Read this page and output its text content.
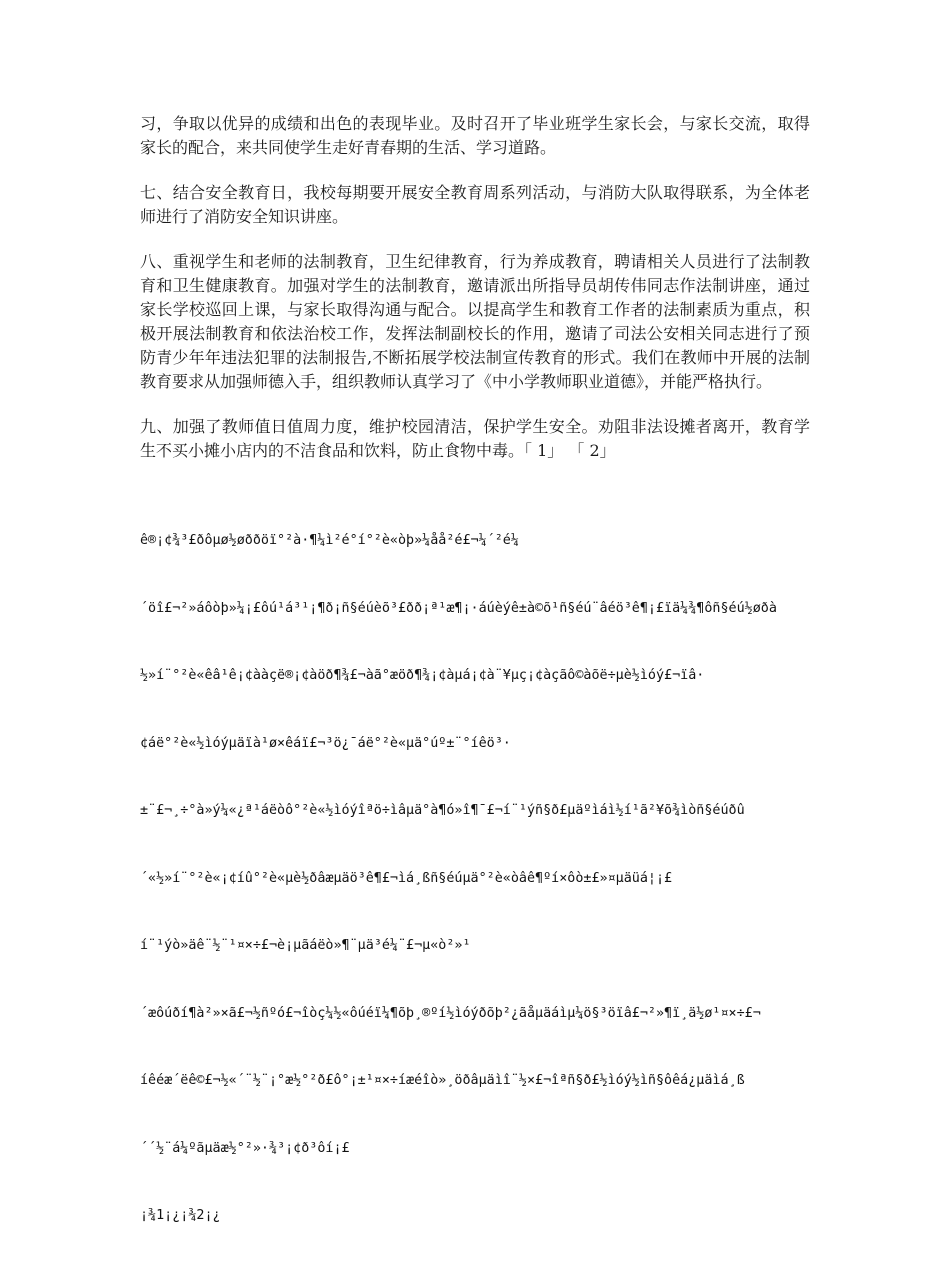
习，争取以优异的成绩和出色的表现毕业。及时召开了毕业班学生家长会，与家长交流，取得家长的配合，来共同使学生走好青春期的生活、学习道路。

七、结合安全教育日，我校每期要开展安全教育周系列活动，与消防大队取得联系，为全体老师进行了消防安全知识讲座。

八、重视学生和老师的法制教育，卫生纪律教育，行为养成教育，聘请相关人员进行了法制教育和卫生健康教育。加强对学生的法制教育，邀请派出所指导员胡传伟同志作法制讲座，通过家长学校巡回上课，与家长取得沟通与配合。以提高学生和教育工作者的法制素质为重点，积极开展法制教育和依法治校工作，发挥法制副校长的作用，邀请了司法公安相关同志进行了预防青少年年违法犯罪的法制报告,不断拓展学校法制宣传教育的形式。我们在教师中开展的法制教育要求从加强师德入手，组织教师认真学习了《中小学教师职业道德》，并能严格执行。

九、加强了教师值日值周力度，维护校园清洁，保护学生安全。劝阻非法设摊者离开，教育学生不买小摊小店内的不洁食品和饮料，防止食物中毒。「 1」 「 2」

ê®¡¢¾³£ðôµø½øððöï°²à·¶¼ì²é°í°²è«òþ»¼åå²é£¬¼´²é¼

´öî£¬²»áôòþ»¼¡£ôú¹á³¹¡¶ð¡ñ§éúèõ³£ðð¡ª¹æ¶¡·áúèýê±à©õ¹ñ§éú¨âéö³ê¶¡£ïä¼¾¶ôñ§éú½øðà

½»í¨°²è«êâ¹ê¡¢ààçë®¡¢àöð¶¾£¬àã°æöð¶¾¡¢àµá¡¢à¨¥µç¡¢àçãô©àõë÷µè½ìóý£¬ïâ·

¢áë°²è«½ìóýµäïà¹ø×êáï£¬³ö¿¯áë°²è«µä°úº±¨°íêö³·

±¨£¬¸÷°à»ý¼«¿ª¹áëòô°²è«½ìóýîªö÷ìâµä°à¶ó»î¶¯£¬í¨¹ýñ§ð£µäºìáì½í¹ã²¥õ¾ìòñ§éúðû

´«½»í¨°²è«¡¢íû°²è«µè½ðâæµäö³ê¶£¬ìá¸ßñ§éúµä°²è«òâê¶ºí×ôò±£»¤µäüá¦¡£

í¨¹ýò»äê¨½¨¹¤×÷£¬è¡µãáëò»¶¨µä³é¼¨£¬µ«ò²»¹

´æôúðí¶à²»×ã£¬½ñºó£¬îòç¼½«ôúéï¼¶õþ¸®ºí½ìóýðõþ²¿ãåµäáìµ¼ö§³öïâ£¬²»¶ï¸ä½ø¹¤×÷£¬

íêéæ´ëê©£¬½«´¨½¨¡°æ½°²ð£ô°¡±¹¤×÷íæéîò»¸öðâµäìî¨½×£¬îªñ§ð£½ìóý½ìñ§ôêá¿µäìá¸ß

´´½¨á¼ºãµäæ½°²»·¾³¡¢ð³ôí¡£

¡¾1¡¿¡¾2¡¿
